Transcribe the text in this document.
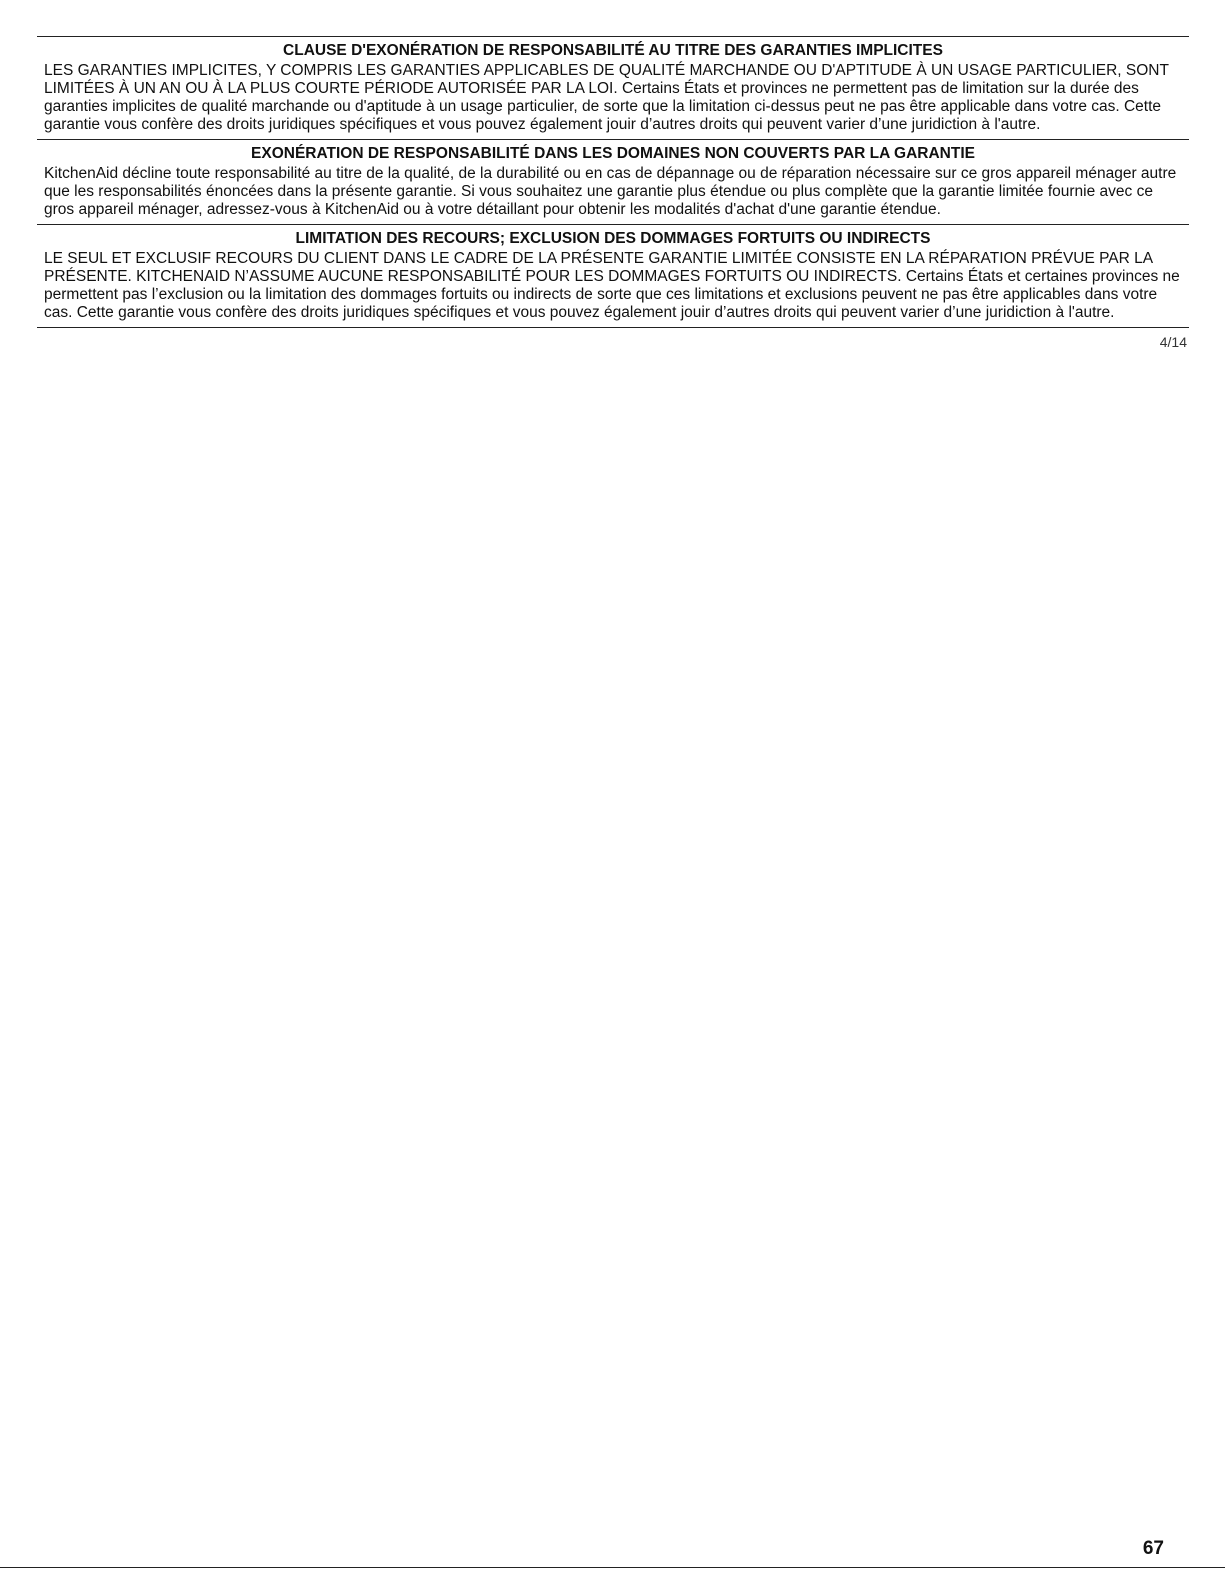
CLAUSE D'EXONÉRATION DE RESPONSABILITÉ AU TITRE DES GARANTIES IMPLICITES

LES GARANTIES IMPLICITES, Y COMPRIS LES GARANTIES APPLICABLES DE QUALITÉ MARCHANDE OU D'APTITUDE À UN USAGE PARTICULIER, SONT LIMITÉES À UN AN OU À LA PLUS COURTE PÉRIODE AUTORISÉE PAR LA LOI. Certains États et provinces ne permettent pas de limitation sur la durée des garanties implicites de qualité marchande ou d'aptitude à un usage particulier, de sorte que la limitation ci-dessus peut ne pas être applicable dans votre cas. Cette garantie vous confère des droits juridiques spécifiques et vous pouvez également jouir d’autres droits qui peuvent varier d’une juridiction à l'autre.

EXONÉRATION DE RESPONSABILITÉ DANS LES DOMAINES NON COUVERTS PAR LA GARANTIE

KitchenAid décline toute responsabilité au titre de la qualité, de la durabilité ou en cas de dépannage ou de réparation nécessaire sur ce gros appareil ménager autre que les responsabilités énoncées dans la présente garantie. Si vous souhaitez une garantie plus étendue ou plus complète que la garantie limitée fournie avec ce gros appareil ménager, adressez-vous à KitchenAid ou à votre détaillant pour obtenir les modalités d'achat d'une garantie étendue.

LIMITATION DES RECOURS; EXCLUSION DES DOMMAGES FORTUITS OU INDIRECTS

LE SEUL ET EXCLUSIF RECOURS DU CLIENT DANS LE CADRE DE LA PRÉSENTE GARANTIE LIMITÉE CONSISTE EN LA RÉPARATION PRÉVUE PAR LA PRÉSENTE. KITCHENAID N’ASSUME AUCUNE RESPONSABILITÉ POUR LES DOMMAGES FORTUITS OU INDIRECTS. Certains États et certaines provinces ne permettent pas l’exclusion ou la limitation des dommages fortuits ou indirects de sorte que ces limitations et exclusions peuvent ne pas être applicables dans votre cas. Cette garantie vous confère des droits juridiques spécifiques et vous pouvez également jouir d’autres droits qui peuvent varier d’une juridiction à l'autre.

4/14
67
